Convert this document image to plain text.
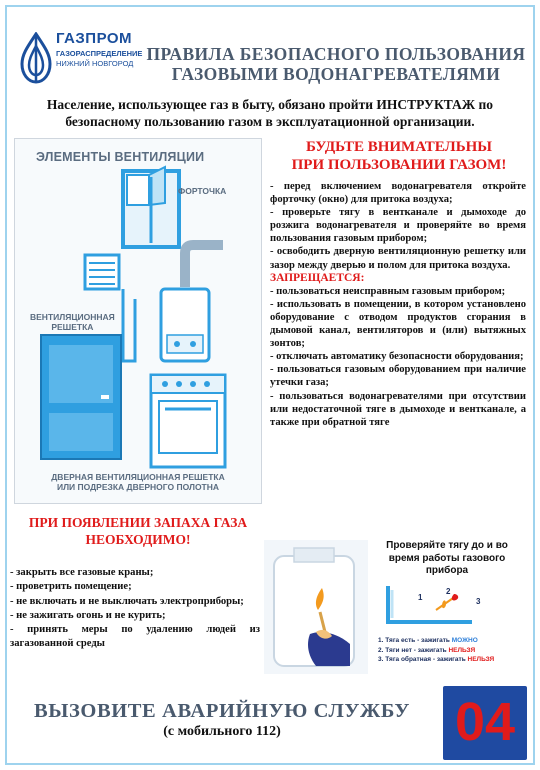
ГАЗПРОМ
ГАЗОРАСПРЕДЕЛЕНИЕ
НИЖНИЙ НОВГОРОД ПРАВИЛА БЕЗОПАСНОГО ПОЛЬЗОВАНИЯ
ГАЗОВЫМИ ВОДОНАГРЕВАТЕЛЯМИ
Население, использующее газ в быту, обязано пройти ИНСТРУКТАЖ по безопасному пользованию газом в эксплуатационной организации.
ЭЛЕМЕНТЫ ВЕНТИЛЯЦИИ
ФОРТОЧКА
ВЕНТИЛЯЦИОННАЯ
РЕШЕТКА
ДВЕРНАЯ ВЕНТИЛЯЦИОННАЯ РЕШЕТКА
ИЛИ ПОДРЕЗКА ДВЕРНОГО ПОЛОТНА
БУДЬТЕ ВНИМАТЕЛЬНЫ
ПРИ ПОЛЬЗОВАНИИ ГАЗОМ!
- перед включением водонагревателя откройте форточку (окно) для притока воздуха;
- проверьте тягу в вентканале и дымоходе до розжига водонагревателя и проверяйте во время пользования газовым прибором;
- освободить дверную вентиляционную решетку или зазор между дверью и полом для притока воздуха.
ЗАПРЕЩАЕТСЯ:
- пользоваться неисправным газовым прибором;
- использовать в помещении, в котором установлено оборудование с отводом продуктов сгорания в дымовой канал, вентиляторов и (или) вытяжных зонтов;
- отключать автоматику безопасности оборудования;
- пользоваться газовым оборудованием при наличие утечки газа;
- пользоваться водонагревателями при отсутствии или недостаточной тяге в дымоходе и вентканале, а также при обратной тяге
ПРИ ПОЯВЛЕНИИ ЗАПАХА ГАЗА
НЕОБХОДИМО!
- закрыть все газовые краны;
- проветрить помещение;
- не включать и не выключать электроприборы;
- не зажигать огонь и не курить;
- принять меры по удалению людей из загазованной среды
Проверяйте тягу до и во время работы газового прибора
1
2
3
1. Тяга есть - зажигать МОЖНО
2. Тяги нет - зажигать НЕЛЬЗЯ
3. Тяга обратная - зажигать НЕЛЬЗЯ
ВЫЗОВИТЕ АВАРИЙНУЮ СЛУЖБУ
(с мобильного 112)	04
